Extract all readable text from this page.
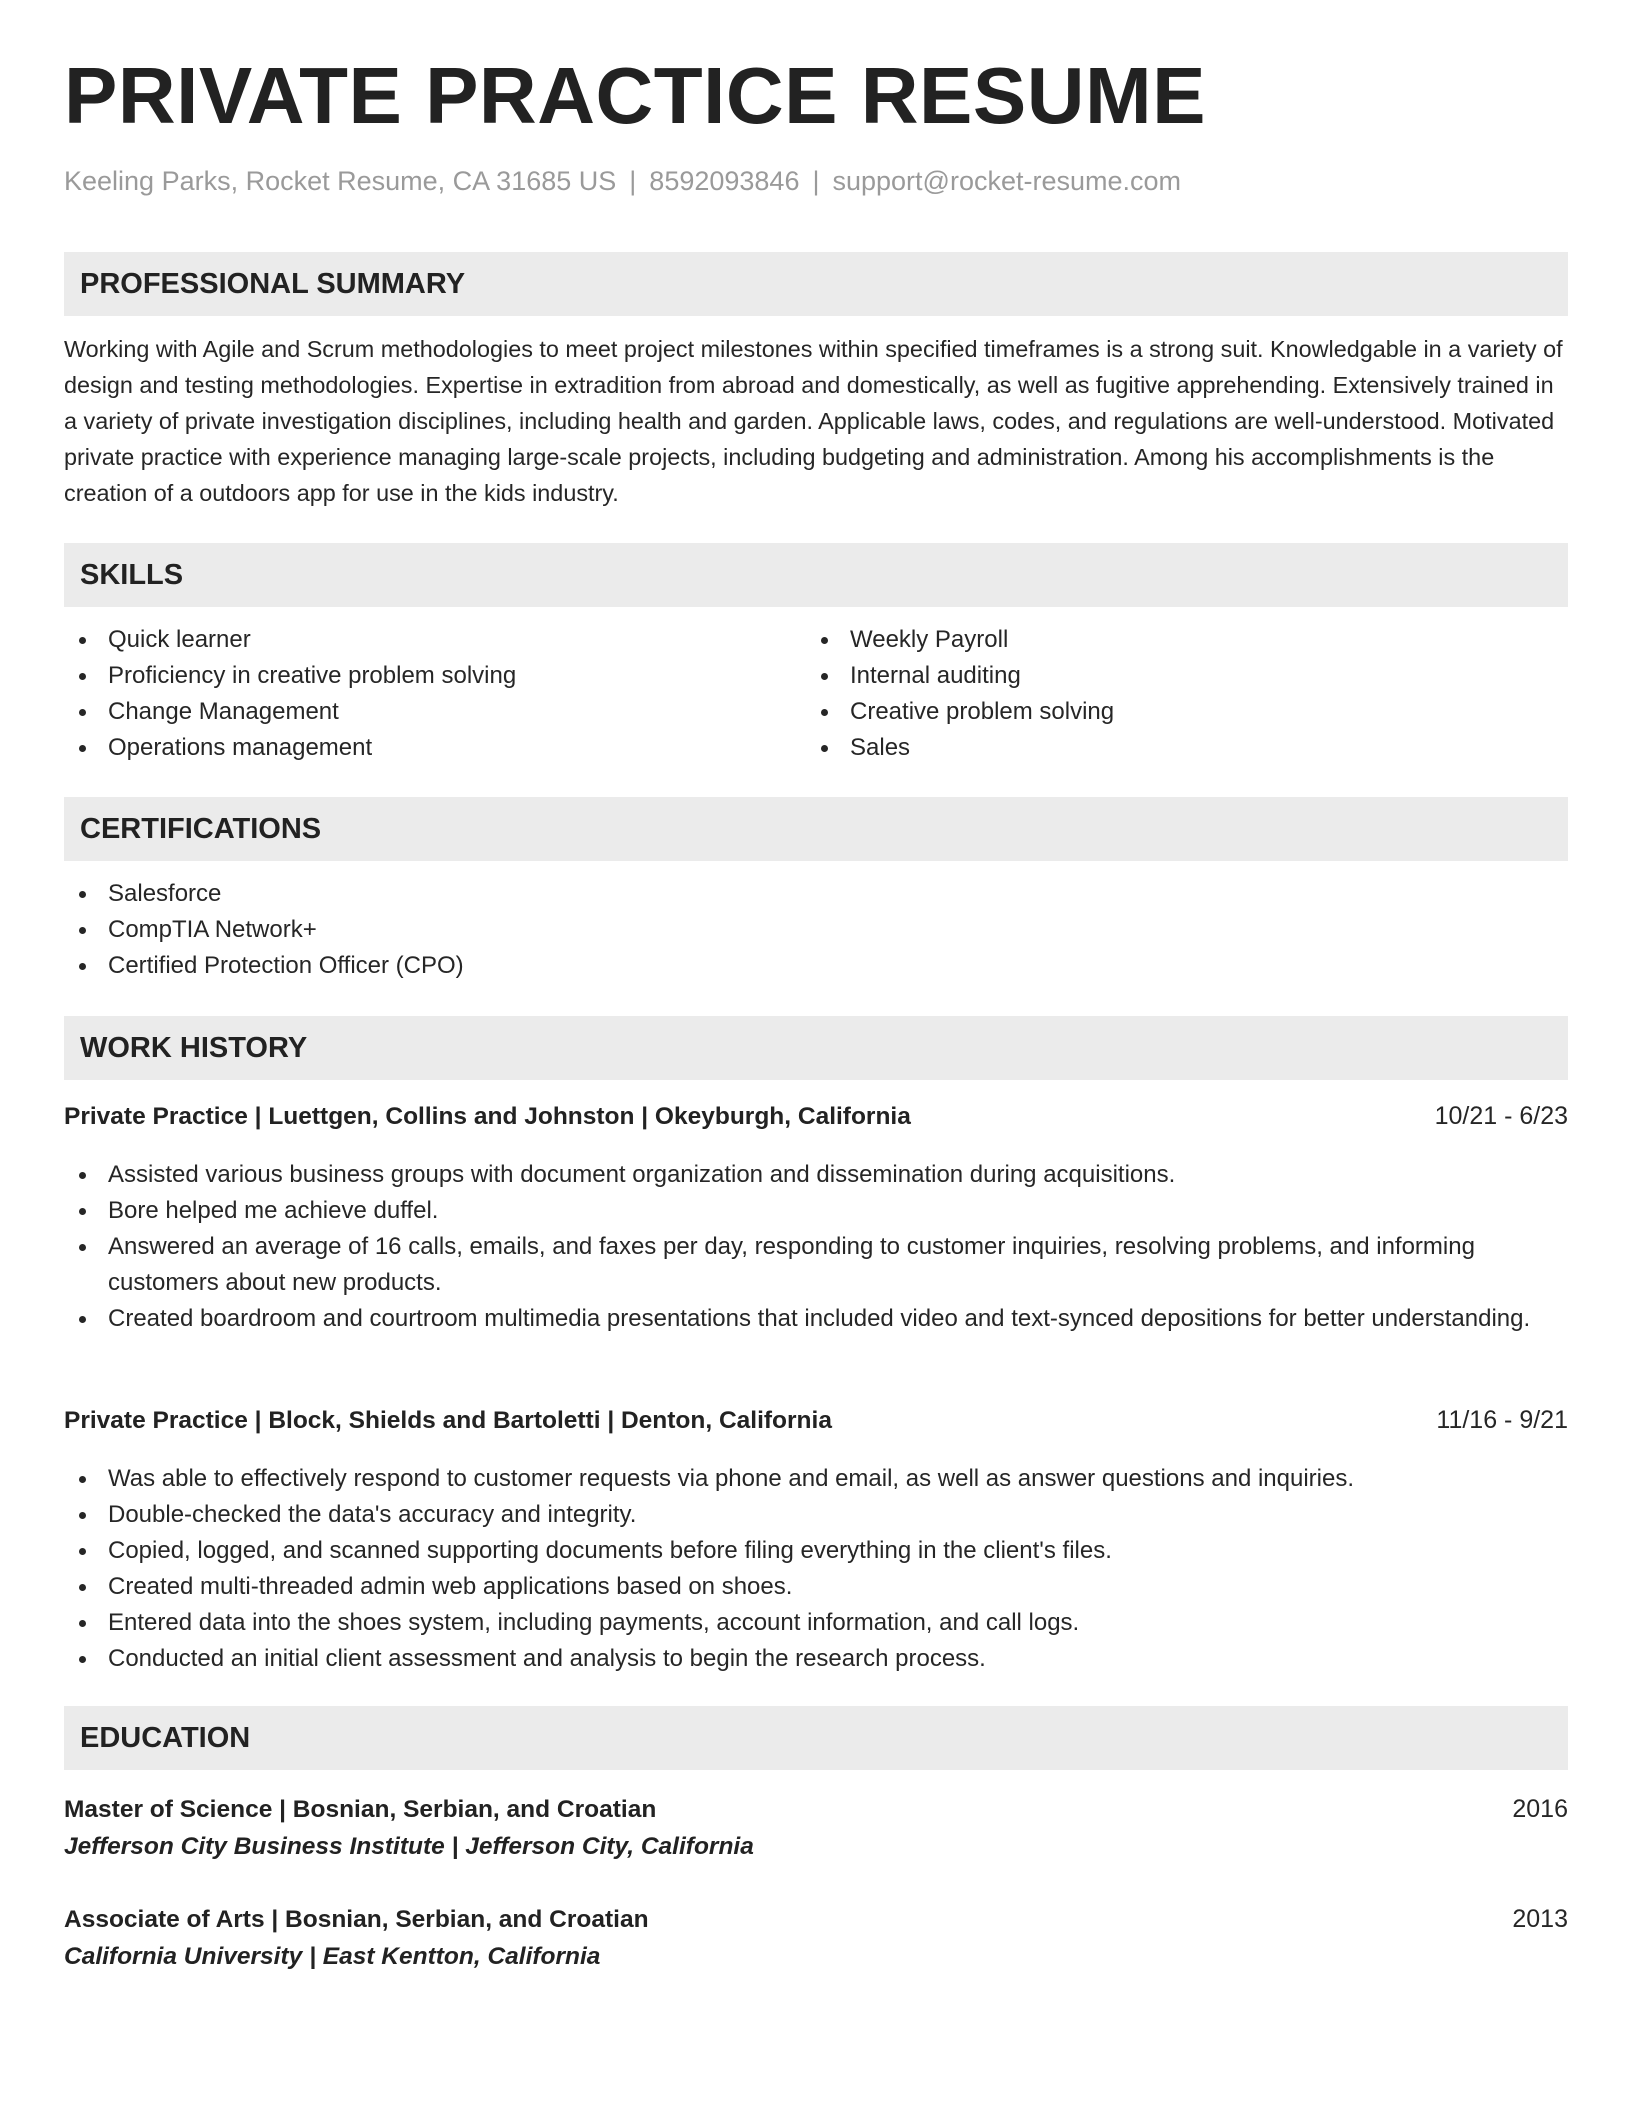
PRIVATE PRACTICE RESUME
Keeling Parks, Rocket Resume, CA 31685 US | 8592093846 | support@rocket-resume.com
PROFESSIONAL SUMMARY

Working with Agile and Scrum methodologies to meet project milestones within specified timeframes is a strong suit. Knowledgable in a variety of design and testing methodologies. Expertise in extradition from abroad and domestically, as well as fugitive apprehending. Extensively trained in a variety of private investigation disciplines, including health and garden. Applicable laws, codes, and regulations are well-understood. Motivated private practice with experience managing large-scale projects, including budgeting and administration. Among his accomplishments is the creation of a outdoors app for use in the kids industry.

SKILLS
Quick learner
Proficiency in creative problem solving
Change Management
Operations management
Weekly Payroll
Internal auditing
Creative problem solving
Sales
CERTIFICATIONS
Salesforce
CompTIA Network+
Certified Protection Officer (CPO)
WORK HISTORY
Private Practice | Luettgen, Collins and Johnston | Okeyburgh, California	10/21 - 6/23
Assisted various business groups with document organization and dissemination during acquisitions.
Bore helped me achieve duffel.
Answered an average of 16 calls, emails, and faxes per day, responding to customer inquiries, resolving problems, and informing customers about new products.
Created boardroom and courtroom multimedia presentations that included video and text-synced depositions for better understanding.
Private Practice | Block, Shields and Bartoletti | Denton, California	11/16 - 9/21
Was able to effectively respond to customer requests via phone and email, as well as answer questions and inquiries.
Double-checked the data's accuracy and integrity.
Copied, logged, and scanned supporting documents before filing everything in the client's files.
Created multi-threaded admin web applications based on shoes.
Entered data into the shoes system, including payments, account information, and call logs.
Conducted an initial client assessment and analysis to begin the research process.
EDUCATION
Master of Science | Bosnian, Serbian, and Croatian	2016
Jefferson City Business Institute | Jefferson City, California
Associate of Arts | Bosnian, Serbian, and Croatian	2013
California University | East Kentton, California
